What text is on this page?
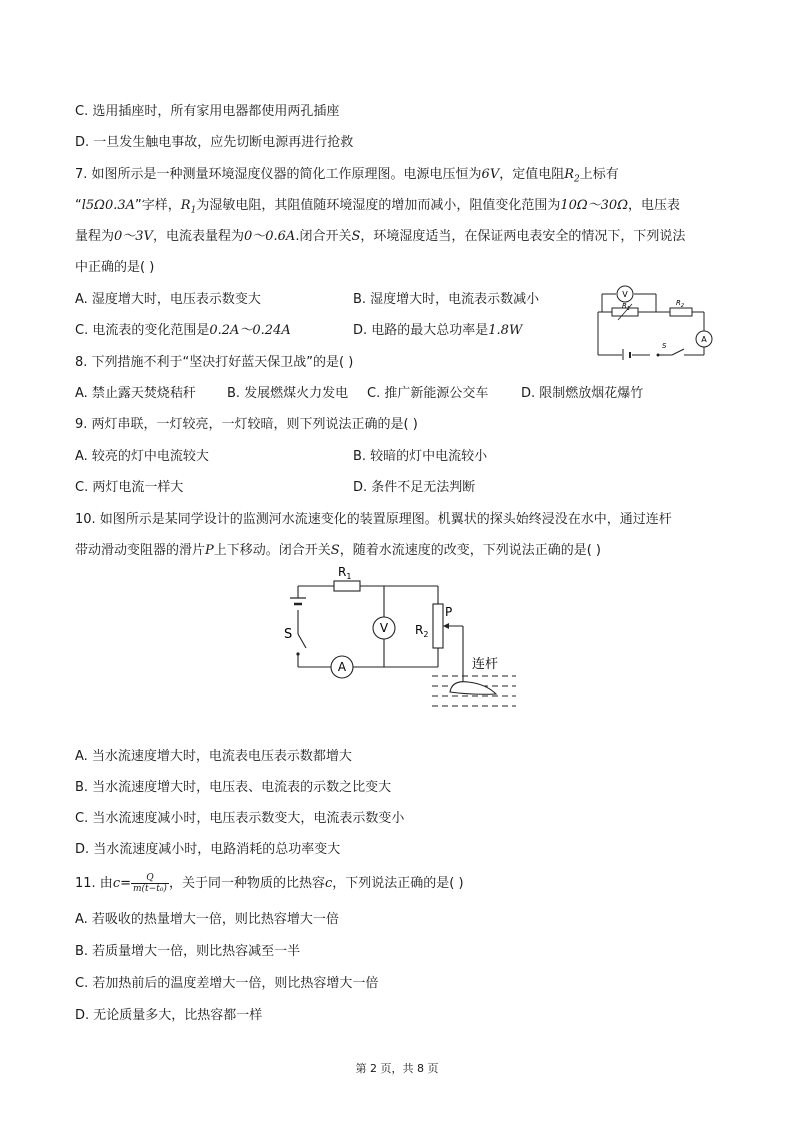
C. 选用插座时，所有家用电器都使用两孔插座
D. 一旦发生触电事故，应先切断电源再进行抢救
7. 如图所示是一种测量环境湿度仪器的简化工作原理图。电源电压恒为6V，定值电阻$R_2$上标有
“l5Ω0.3A”字样，$R_1$为湿敏电阻，其阻值随环境湿度的增加而减小，阻值变化范围为10Ω～30Ω，电压表
量程为0～3V，电流表量程为0～0.6A.闭合开关S，环境湿度适当，在保证两电表安全的情况下，下列说法
中正确的是( )
A. 湿度增大时，电压表示数变大	B. 湿度增大时，电流表示数减小
C. 电流表的变化范围是0.2A～0.24A	D. 电路的最大总功率是1.8W
V
$R_1$
$R_2$
A
S
8. 下列措施不利于“坚决打好蓝天保卫战”的是( )
A. 禁止露天焚烧秸秆 B. 发展燃煤火力发电 C. 推广新能源公交车	D. 限制燃放烟花爆竹
9. 两灯串联，一灯较亮，一灯较暗，则下列说法正确的是( )
A. 较亮的灯中电流较大	B. 较暗的灯中电流较小
C. 两灯电流一样大	D. 条件不足无法判断
10. 如图所示是某同学设计的监测河水流速变化的装置原理图。机翼状的探头始终浸没在水中，通过连杆
带动滑动变阻器的滑片P上下移动。闭合开关S，随着水流速度的改变，下列说法正确的是( )
S
$R_1$
V
A
P
$R_2$
连杆
A. 当水流速度增大时，电流表电压表示数都增大
B. 当水流速度增大时，电压表、电流表的示数之比变大
C. 当水流速度减小时，电压表示数变大，电流表示数变小
D. 当水流速度减小时，电路消耗的总功率变大
11. 由$c= \frac{Q}{\text{m(t−t₀)}}$ ，关于同一种物质的比热容c，下列说法正确的是( )
A. 若吸收的热量增大一倍，则比热容增大一倍
B. 若质量增大一倍，则比热容减至一半
C. 若加热前后的温度差增大一倍，则比热容增大一倍
D. 无论质量多大，比热容都一样
第 2 页，共 8 页
